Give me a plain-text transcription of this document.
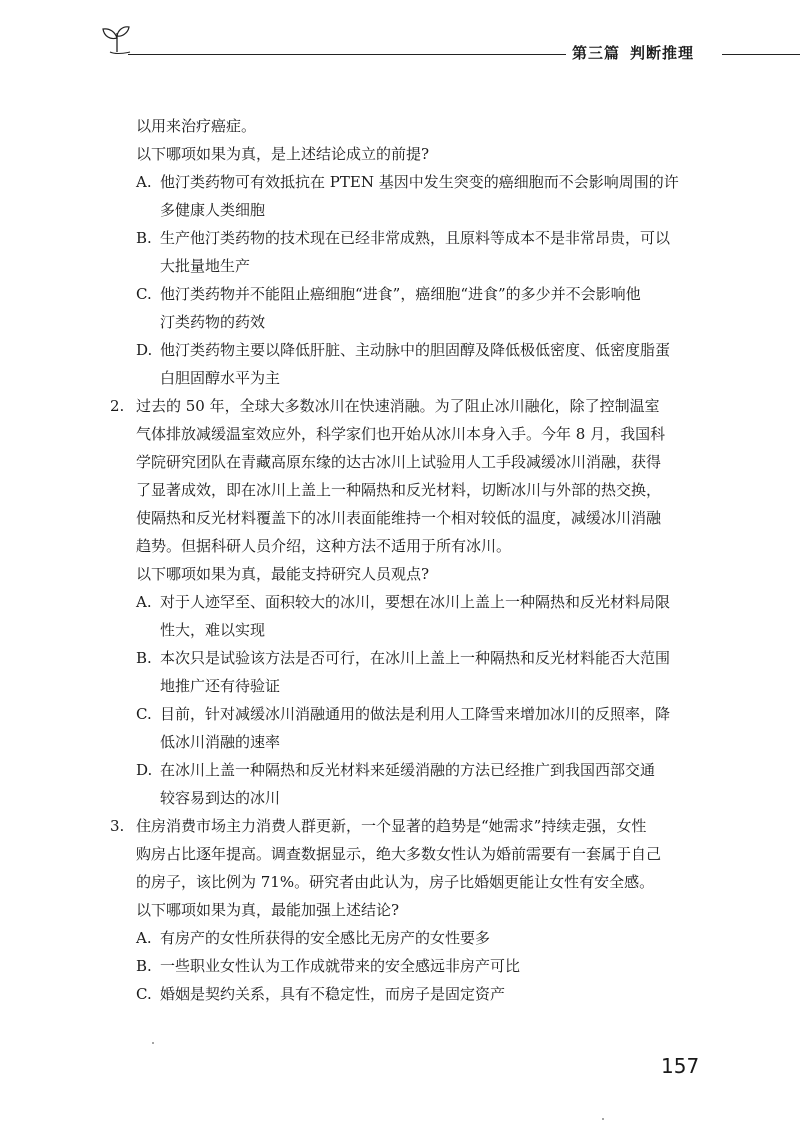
第三篇 判断推理
以用来治疗癌症。
以下哪项如果为真，是上述结论成立的前提?
A. 他汀类药物可有效抵抗在 PTEN 基因中发生突变的癌细胞而不会影响周围的许
多健康人类细胞
B. 生产他汀类药物的技术现在已经非常成熟，且原料等成本不是非常昂贵，可以
大批量地生产
C. 他汀类药物并不能阻止癌细胞“进食”，癌细胞“进食”的多少并不会影响他
汀类药物的药效
D. 他汀类药物主要以降低肝脏、主动脉中的胆固醇及降低极低密度、低密度脂蛋
白胆固醇水平为主
2. 过去的 50 年，全球大多数冰川在快速消融。为了阻止冰川融化，除了控制温室
气体排放减缓温室效应外，科学家们也开始从冰川本身入手。今年 8 月，我国科
学院研究团队在青藏高原东缘的达古冰川上试验用人工手段减缓冰川消融，获得
了显著成效，即在冰川上盖上一种隔热和反光材料，切断冰川与外部的热交换，
使隔热和反光材料覆盖下的冰川表面能维持一个相对较低的温度，减缓冰川消融
趋势。但据科研人员介绍，这种方法不适用于所有冰川。
以下哪项如果为真，最能支持研究人员观点?
A. 对于人迹罕至、面积较大的冰川，要想在冰川上盖上一种隔热和反光材料局限
性大，难以实现
B. 本次只是试验该方法是否可行，在冰川上盖上一种隔热和反光材料能否大范围
地推广还有待验证
C. 目前，针对减缓冰川消融通用的做法是利用人工降雪来增加冰川的反照率，降
低冰川消融的速率
D. 在冰川上盖一种隔热和反光材料来延缓消融的方法已经推广到我国西部交通
较容易到达的冰川
3. 住房消费市场主力消费人群更新，一个显著的趋势是“她需求”持续走强，女性
购房占比逐年提高。调查数据显示，绝大多数女性认为婚前需要有一套属于自己
的房子，该比例为 71%。研究者由此认为，房子比婚姻更能让女性有安全感。
以下哪项如果为真，最能加强上述结论?
A. 有房产的女性所获得的安全感比无房产的女性要多
B. 一些职业女性认为工作成就带来的安全感远非房产可比
C. 婚姻是契约关系，具有不稳定性，而房子是固定资产
157
